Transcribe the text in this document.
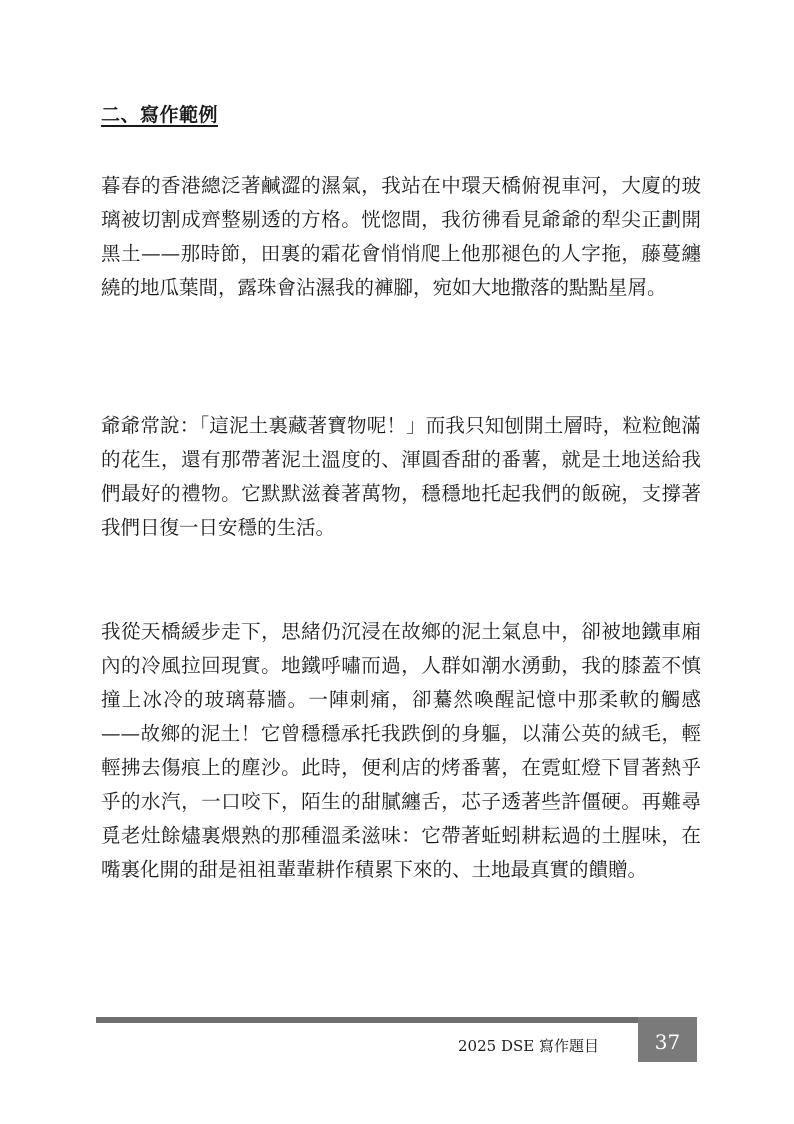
二、寫作範例

暮春的香港總泛著鹹澀的濕氣，我站在中環天橋俯視車河，大廈的玻璃被切割成齊整剔透的方格。恍惚間，我彷彿看見爺爺的犁尖正劃開黑土——那時節，田裏的霜花會悄悄爬上他那褪色的人字拖，藤蔓纏繞的地瓜葉間，露珠會沾濕我的褲腳，宛如大地撒落的點點星屑。

爺爺常說：「這泥土裏藏著寶物呢！」而我只知刨開土層時，粒粒飽滿的花生，還有那帶著泥土溫度的、渾圓香甜的番薯，就是土地送給我們最好的禮物。它默默滋養著萬物，穩穩地托起我們的飯碗，支撐著我們日復一日安穩的生活。

我從天橋緩步走下，思緒仍沉浸在故鄉的泥土氣息中，卻被地鐵車廂內的冷風拉回現實。地鐵呼嘯而過，人群如潮水湧動，我的膝蓋不慎撞上冰冷的玻璃幕牆。一陣刺痛，卻驀然喚醒記憶中那柔軟的觸感——故鄉的泥土！它曾穩穩承托我跌倒的身軀，以蒲公英的絨毛，輕輕拂去傷痕上的塵沙。此時，便利店的烤番薯，在霓虹燈下冒著熱乎乎的水汽，一口咬下，陌生的甜膩纏舌，芯子透著些許僵硬。再難尋覓老灶餘燼裏煨熟的那種溫柔滋味：它帶著蚯蚓耕耘過的土腥味，在嘴裏化開的甜是祖祖輩輩耕作積累下來的、土地最真實的饋贈。

2025 DSE 寫作題目	37
